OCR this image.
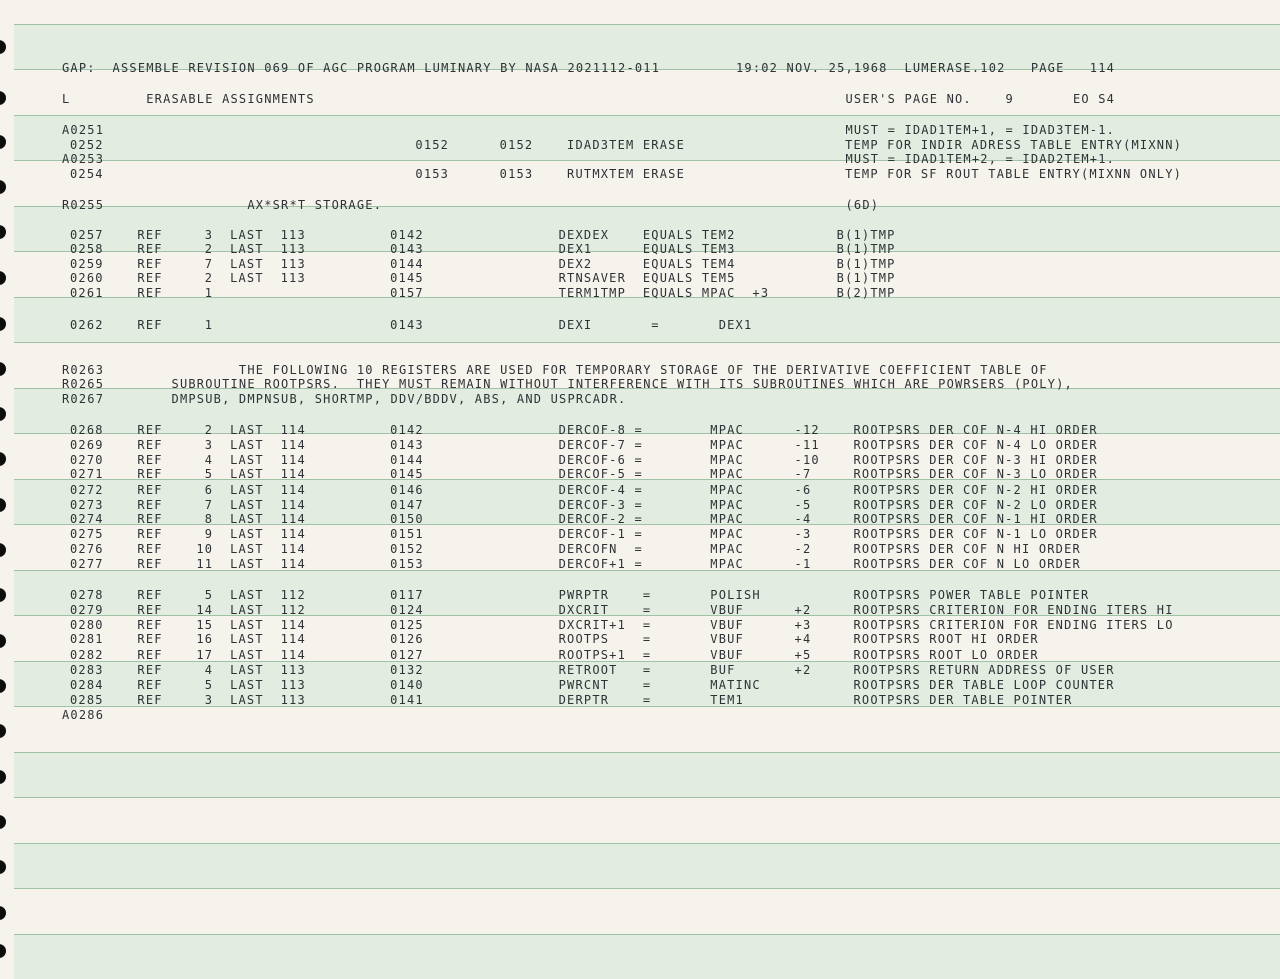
GAP:  ASSEMBLE REVISION 069 OF AGC PROGRAM LUMINARY BY NASA 2021112-011         19:02 NOV. 25,1968  LUMERASE.102   PAGE   114
L         ERASABLE ASSIGNMENTS                                                               USER'S PAGE NO.    9       EO S4
A0251                                                                                        MUST = IDAD1TEM+1, = IDAD3TEM-1.
0252                                     0152      0152    IDAD3TEM ERASE                   TEMP FOR INDIR ADRESS TABLE ENTRY(MIXNN)
A0253                                                                                        MUST = IDAD1TEM+2, = IDAD2TEM+1.
0254                                     0153      0153    RUTMXTEM ERASE                   TEMP FOR SF ROUT TABLE ENTRY(MIXNN ONLY)
R0255                 AX*SR*T STORAGE.                                                       (6D)
0257    REF     3  LAST  113          0142                DEXDEX    EQUALS TEM2            B(1)TMP
0258    REF     2  LAST  113          0143                DEX1      EQUALS TEM3            B(1)TMP
0259    REF     7  LAST  113          0144                DEX2      EQUALS TEM4            B(1)TMP
0260    REF     2  LAST  113          0145                RTNSAVER  EQUALS TEM5            B(1)TMP
0261    REF     1                     0157                TERM1TMP  EQUALS MPAC  +3        B(2)TMP
0262    REF     1                     0143                DEXI       =       DEX1
R0263                THE FOLLOWING 10 REGISTERS ARE USED FOR TEMPORARY STORAGE OF THE DERIVATIVE COEFFICIENT TABLE OF
R0265        SUBROUTINE ROOTPSRS.  THEY MUST REMAIN WITHOUT INTERFERENCE WITH ITS SUBROUTINES WHICH ARE POWRSERS (POLY),
R0267        DMPSUB, DMPNSUB, SHORTMP, DDV/BDDV, ABS, AND USPRCADR.
0268    REF     2  LAST  114          0142                DERCOF-8 =        MPAC      -12    ROOTPSRS DER COF N-4 HI ORDER
0269    REF     3  LAST  114          0143                DERCOF-7 =        MPAC      -11    ROOTPSRS DER COF N-4 LO ORDER
0270    REF     4  LAST  114          0144                DERCOF-6 =        MPAC      -10    ROOTPSRS DER COF N-3 HI ORDER
0271    REF     5  LAST  114          0145                DERCOF-5 =        MPAC      -7     ROOTPSRS DER COF N-3 LO ORDER
0272    REF     6  LAST  114          0146                DERCOF-4 =        MPAC      -6     ROOTPSRS DER COF N-2 HI ORDER
0273    REF     7  LAST  114          0147                DERCOF-3 =        MPAC      -5     ROOTPSRS DER COF N-2 LO ORDER
0274    REF     8  LAST  114          0150                DERCOF-2 =        MPAC      -4     ROOTPSRS DER COF N-1 HI ORDER
0275    REF     9  LAST  114          0151                DERCOF-1 =        MPAC      -3     ROOTPSRS DER COF N-1 LO ORDER
0276    REF    10  LAST  114          0152                DERCOFN  =        MPAC      -2     ROOTPSRS DER COF N HI ORDER
0277    REF    11  LAST  114          0153                DERCOF+1 =        MPAC      -1     ROOTPSRS DER COF N LO ORDER
0278    REF     5  LAST  112          0117                PWRPTR    =       POLISH           ROOTPSRS POWER TABLE POINTER
0279    REF    14  LAST  112          0124                DXCRIT    =       VBUF      +2     ROOTPSRS CRITERION FOR ENDING ITERS HI
0280    REF    15  LAST  114          0125                DXCRIT+1  =       VBUF      +3     ROOTPSRS CRITERION FOR ENDING ITERS LO
0281    REF    16  LAST  114          0126                ROOTPS    =       VBUF      +4     ROOTPSRS ROOT HI ORDER
0282    REF    17  LAST  114          0127                ROOTPS+1  =       VBUF      +5     ROOTPSRS ROOT LO ORDER
0283    REF     4  LAST  113          0132                RETROOT   =       BUF       +2     ROOTPSRS RETURN ADDRESS OF USER
0284    REF     5  LAST  113          0140                PWRCNT    =       MATINC           ROOTPSRS DER TABLE LOOP COUNTER
0285    REF     3  LAST  113          0141                DERPTR    =       TEM1             ROOTPSRS DER TABLE POINTER
A0286
